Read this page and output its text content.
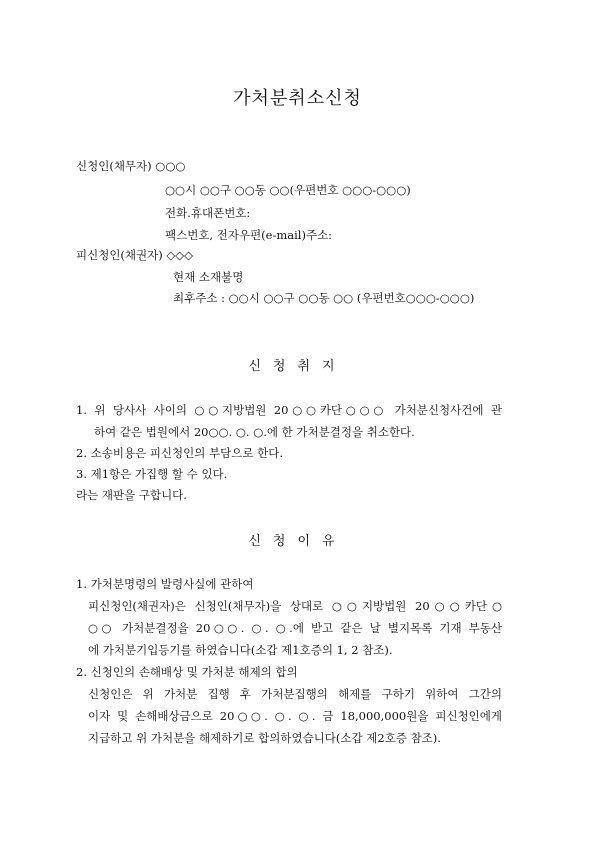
가처분취소신청
신청인(채무자) ○○○
○○시 ○○구 ○○동 ○○(우편번호 ○○○-○○○)
전화.휴대폰번호:
팩스번호, 전자우편(e-mail)주소:
피신청인(채권자) ◇◇◇
현재 소재불명
최후주소 : ○○시 ○○구 ○○동 ○○ (우편번호○○○-○○○)
신청취지
1. 위 당사사 사이의 ○○지방법원 20○○카단○○○ 가처분신청사건에 관
하여 같은 법원에서 20○○. ○. ○.에 한 가처분결정을 취소한다.
2. 소송비용은 피신청인의 부담으로 한다.
3. 제1항은 가집행 할 수 있다.
라는 재판을 구합니다.
신청이유
1. 가처분명령의 발령사실에 관하여
피신청인(채권자)은 신청인(채무자)을 상대로 ○○지방법원 20○○카단○
○○ 가처분결정을 20○○. ○. ○.에 받고 같은 날 별지목록 기재 부동산
에 가처분기입등기를 하였습니다(소갑 제1호증의 1, 2 참조).
2. 신청인의 손해배상 및 가처분 해제의 합의
신청인은 위 가처분 집행 후 가처분집행의 해제를 구하기 위하여 그간의
이자 및 손해배상금으로 20○○. ○. ○. 금 18,000,000원을 피신청인에게
지급하고 위 가처분을 해제하기로 합의하였습니다(소갑 제2호증 참조).
